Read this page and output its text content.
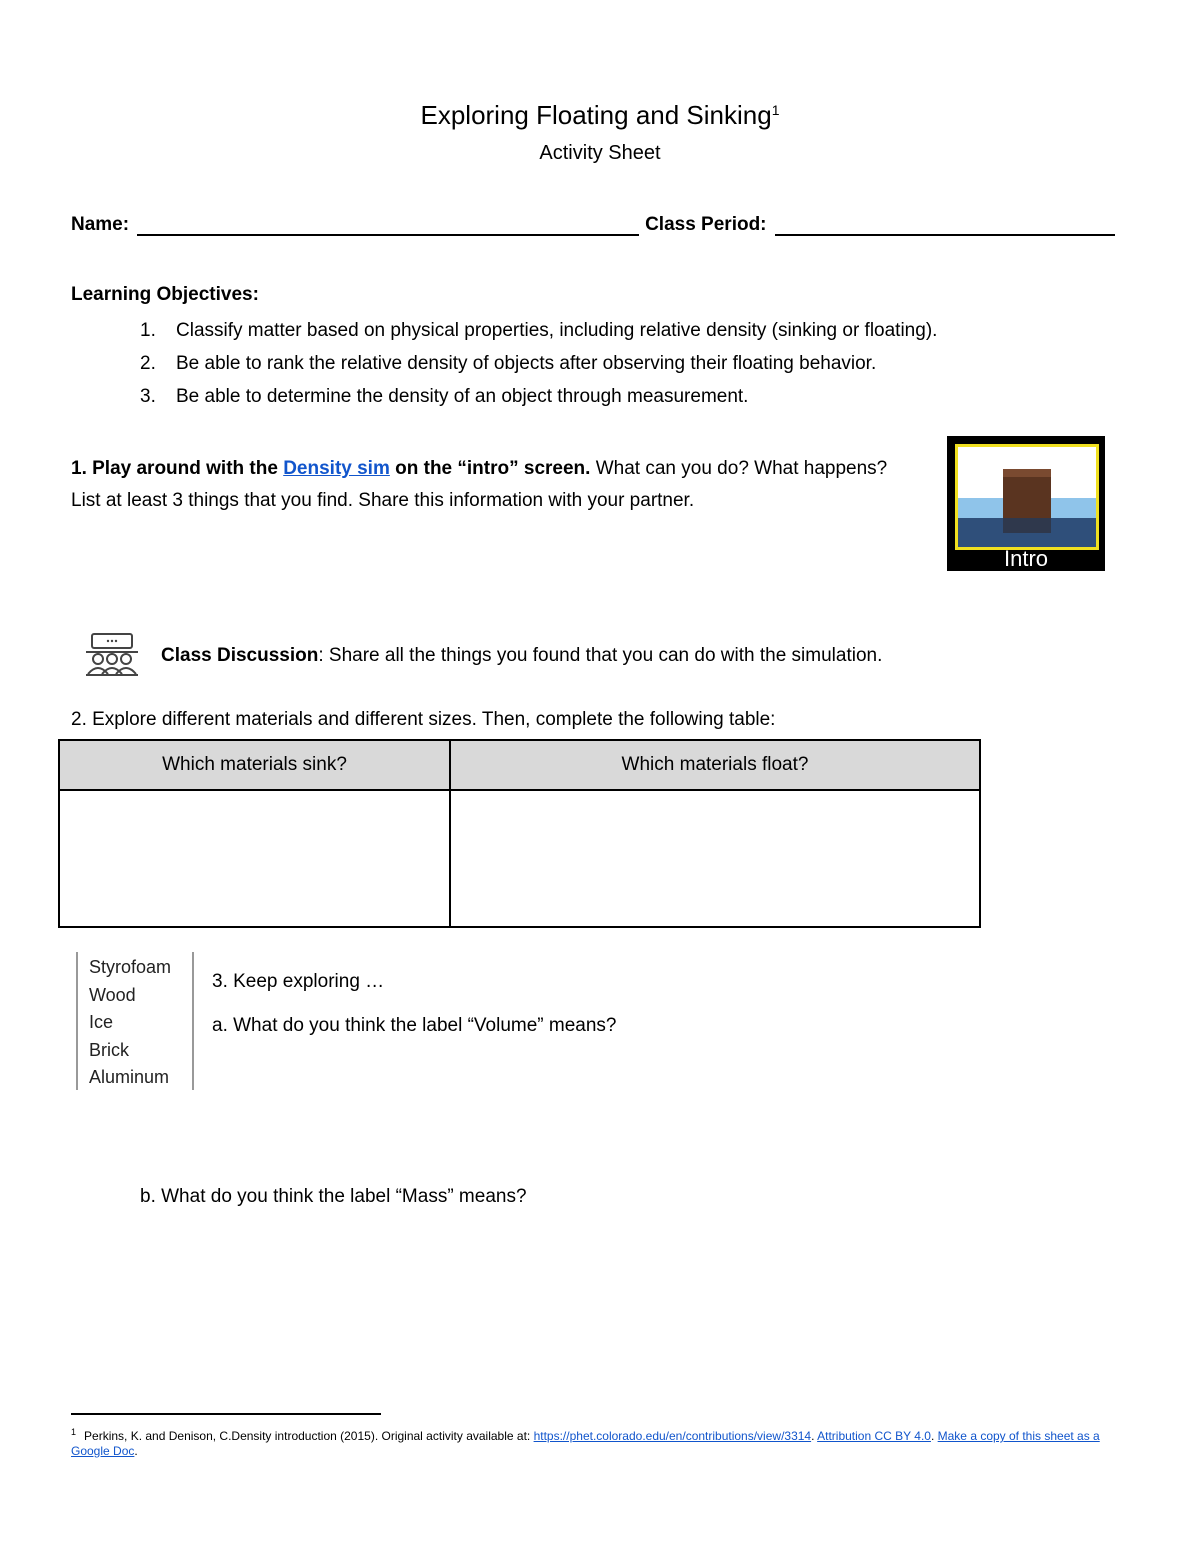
Exploring Floating and Sinking$^1$
Activity Sheet
Name:	Class Period:
Learning Objectives:
1.	Classify matter based on physical properties, including relative density (sinking or floating).
2.	Be able to rank the relative density of objects after observing their floating behavior.
3.	Be able to determine the density of an object through measurement.
1. Play around with the Density sim on the “intro” screen. What can you do? What happens? List at least 3 things that you find. Share this information with your partner.
Intro
Class Discussion: Share all the things you found that you can do with the simulation.
2. Explore different materials and different sizes. Then, complete the following table:
Which materials sink?	Which materials float?

Styrofoam
Wood
Ice
Brick
Aluminum
3. Keep exploring …
a. What do you think the label “Volume” means?
b. What do you think the label “Mass” means?
$^1$ Perkins, K. and Denison, C.Density introduction (2015). Original activity available at: https://phet.colorado.edu/en/contributions/view/3314. Attribution CC BY 4.0. Make a copy of this sheet as a Google Doc.
